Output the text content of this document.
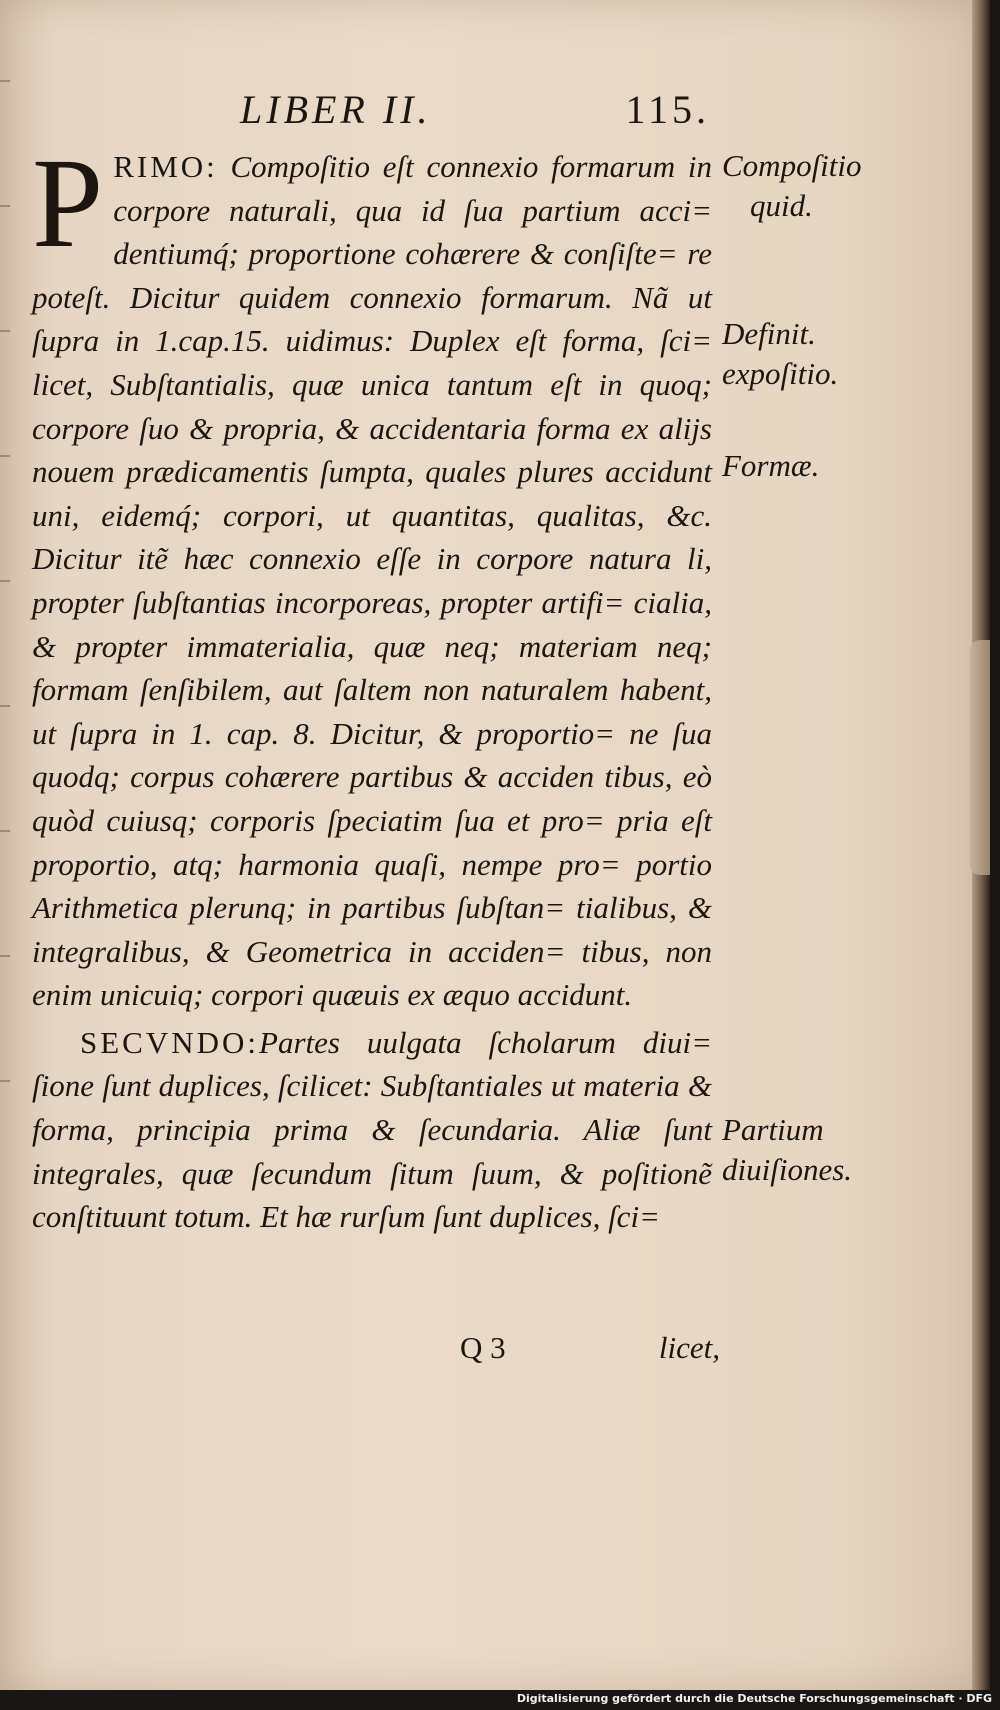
LIBER II.	115.

PRIMO: Compoſitio eſt connexio formarum in corpore naturali, qua id ſua partium acci= dentiumq́; proportione cohærere & conſiſte= re poteſt. Dicitur quidem connexio formarum. Nã ut ſupra in 1.cap.15. uidimus: Duplex eſt forma, ſci= licet, Subſtantialis, quæ unica tantum eſt in quoq; corpore ſuo & propria, & accidentaria forma ex alijs nouem prædicamentis ſumpta, quales plures accidunt uni, eidemq́; corpori, ut quantitas, qualitas, &c. Dicitur itẽ hæc connexio eſſe in corpore natura li, propter ſubſtantias incorporeas, propter artifi= cialia, & propter immaterialia, quæ neq; materiam neq; formam ſenſibilem, aut ſaltem non naturalem habent, ut ſupra in 1. cap. 8. Dicitur, & proportio= ne ſua quodq; corpus cohærere partibus & acciden tibus, eò quòd cuiusq; corporis ſpeciatim ſua et pro= pria eſt proportio, atq; harmonia quaſi, nempe pro= portio Arithmetica plerunq; in partibus ſubſtan= tialibus, & integralibus, & Geometrica in acciden= tibus, non enim unicuiq; corpori quæuis ex æquo accidunt.

SECVNDO:Partes uulgata ſcholarum diui= ſione ſunt duplices, ſcilicet: Subſtantiales ut materia & forma, principia prima & ſecundaria. Aliæ ſunt integrales, quæ ſecundum ſitum ſuum, & poſitionẽ conſtituunt totum. Et hæ rurſum ſunt duplices, ſci=

Compoſitio
quid.
Definit.
expoſitio.
Formæ.
Partium
diuiſiones.
Q 3	licet,
Digitalisierung gefördert durch die Deutsche Forschungsgemeinschaft · DFG
